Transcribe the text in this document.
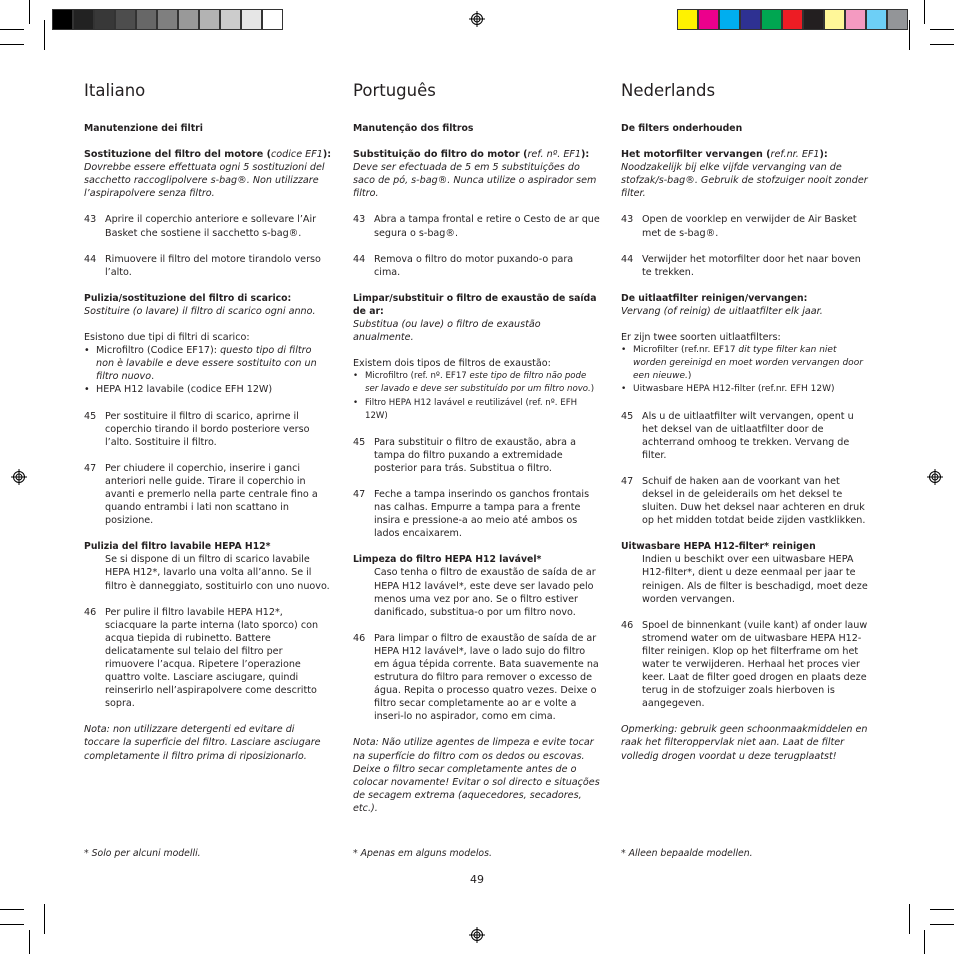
Italiano

Manutenzione dei filtri

Sostituzione del filtro del motore (codice EF1):

Dovrebbe essere effettuata ogni 5 sostituzioni del sacchetto raccoglipolvere s-bag®. Non utilizzare l’aspirapolvere senza filtro.

43 Aprire il coperchio anteriore e sollevare l’Air Basket che sostiene il sacchetto s-bag®.
44 Rimuovere il filtro del motore tirandolo verso l’alto.

Pulizia/sostituzione del filtro di scarico:

Sostituire (o lavare) il filtro di scarico ogni anno.

Esistono due tipi di filtri di scarico:

• Microfiltro (Codice EF17): questo tipo di filtro non è lavabile e deve essere sostituito con un filtro nuovo.
• HEPA H12 lavabile (codice EFH 12W)
45 Per sostituire il filtro di scarico, aprirne il coperchio tirando il bordo posteriore verso l’alto. Sostituire il filtro.
47 Per chiudere il coperchio, inserire i ganci anteriori nelle guide. Tirare il coperchio in avanti e premerlo nella parte centrale fino a quando entrambi i lati non scattano in posizione.

Pulizia del filtro lavabile HEPA H12*

Se si dispone di un filtro di scarico lavabile HEPA H12*, lavarlo una volta all’anno. Se il filtro è danneggiato, sostituirlo con uno nuovo.

46 Per pulire il filtro lavabile HEPA H12*, sciacquare la parte interna (lato sporco) con acqua tiepida di rubinetto. Battere delicatamente sul telaio del filtro per rimuovere l’acqua. Ripetere l’operazione quattro volte. Lasciare asciugare, quindi reinserirlo nell’aspirapolvere come descritto sopra.

Nota: non utilizzare detergenti ed evitare di toccare la superficie del filtro. Lasciare asciugare completamente il filtro prima di riposizionarlo.

Português

Manutenção dos filtros

Substituição do filtro do motor (ref. nº. EF1):

Deve ser efectuada de 5 em 5 substituições do saco de pó, s-bag®. Nunca utilize o aspirador sem filtro.

43 Abra a tampa frontal e retire o Cesto de ar que segura o s-bag®.
44 Remova o filtro do motor puxando-o para cima.

Limpar/substituir o filtro de exaustão de saída de ar:

Substitua (ou lave) o filtro de exaustão anualmente.

Existem dois tipos de filtros de exaustão:

• Microfiltro (ref. nº. EF17 este tipo de filtro não pode ser lavado e deve ser substituído por um filtro novo.)
• Filtro HEPA H12 lavável e reutilizável (ref. nº. EFH 12W)
45 Para substituir o filtro de exaustão, abra a tampa do filtro puxando a extremidade posterior para trás. Substitua o filtro.
47 Feche a tampa inserindo os ganchos frontais nas calhas. Empurre a tampa para a frente insira e pressione-a ao meio até ambos os lados encaixarem.

Limpeza do filtro HEPA H12 lavável*

Caso tenha o filtro de exaustão de saída de ar HEPA H12 lavável*, este deve ser lavado pelo menos uma vez por ano. Se o filtro estiver danificado, substitua-o por um filtro novo.

46 Para limpar o filtro de exaustão de saída de ar HEPA H12 lavável*, lave o lado sujo do filtro em água tépida corrente. Bata suavemente na estrutura do filtro para remover o excesso de água. Repita o processo quatro vezes. Deixe o filtro secar completamente ao ar e volte a inseri-lo no aspirador, como em cima.

Nota: Não utilize agentes de limpeza e evite tocar na superfície do filtro com os dedos ou escovas. Deixe o filtro secar completamente antes de o colocar novamente! Evitar o sol directo e situações de secagem extrema (aquecedores, secadores, etc.).

Nederlands

De filters onderhouden

Het motorfilter vervangen (ref.nr. EF1):

Noodzakelijk bij elke vijfde vervanging van de stofzak/s-bag®. Gebruik de stofzuiger nooit zonder filter.

43 Open de voorklep en verwijder de Air Basket met de s-bag®.
44 Verwijder het motorfilter door het naar boven te trekken.

De uitlaatfilter reinigen/vervangen:

Vervang (of reinig) de uitlaatfilter elk jaar.

Er zijn twee soorten uitlaatfilters:

• Microfilter (ref.nr. EF17 dit type filter kan niet worden gereinigd en moet worden vervangen door een nieuwe.)
• Uitwasbare HEPA H12-filter (ref.nr. EFH 12W)
45 Als u de uitlaatfilter wilt vervangen, opent u het deksel van de uitlaatfilter door de achterrand omhoog te trekken. Vervang de filter.
47 Schuif de haken aan de voorkant van het deksel in de geleiderails om het deksel te sluiten. Duw het deksel naar achteren en druk op het midden totdat beide zijden vastklikken.

Uitwasbare HEPA H12-filter* reinigen

Indien u beschikt over een uitwasbare HEPA H12-filter*, dient u deze eenmaal per jaar te reinigen. Als de filter is beschadigd, moet deze worden vervangen.

46 Spoel de binnenkant (vuile kant) af onder lauw stromend water om de uitwasbare HEPA H12-filter reinigen. Klop op het filterframe om het water te verwijderen. Herhaal het proces vier keer. Laat de filter goed drogen en plaats deze terug in de stofzuiger zoals hierboven is aangegeven.

Opmerking: gebruik geen schoonmaakmiddelen en raak het filteroppervlak niet aan. Laat de filter volledig drogen voordat u deze terugplaatst!

* Solo per alcuni modelli.	* Apenas em alguns modelos.	* Alleen bepaalde modellen.
49
